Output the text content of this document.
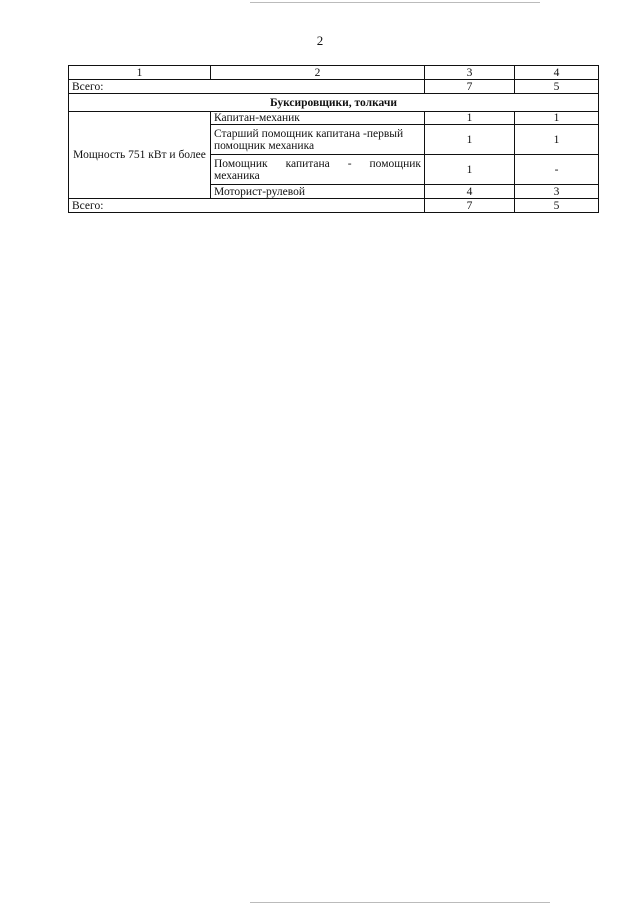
2
1	2	3	4
Всего:		7	5
Буксировщики, толкачи			
Мощность 751 кВт и более	Капитан-механик	1	1
	Старший помощник капитана -первый помощник механика	1	1
	Помощник капитана - помощник механика	1	-
	Моторист-рулевой	4	3
Всего:		7	5
